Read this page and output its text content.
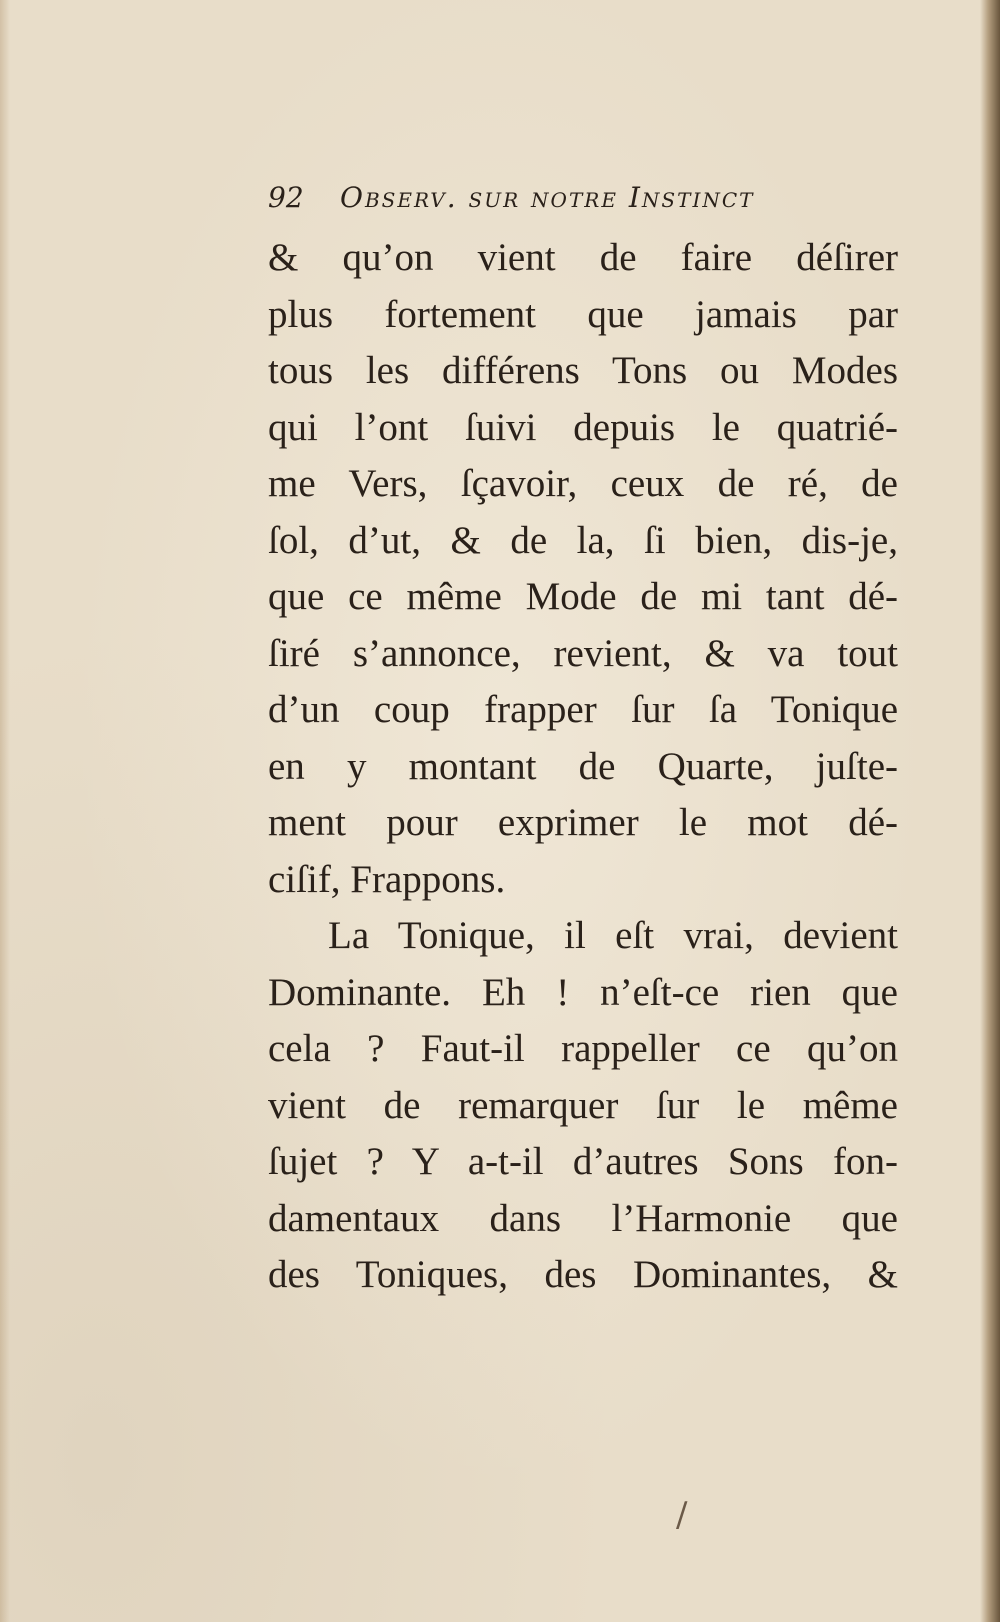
92 Observ. sur notre Instinct
& qu’on vient de faire déſirer
plus fortement que jamais par
tous les différens Tons ou Modes
qui l’ont ſuivi depuis le quatrié-
me Vers, ſçavoir, ceux de ré, de
ſol, d’ut, & de la, ſi bien, dis-je,
que ce même Mode de mi tant dé-
ſiré s’annonce, revient, & va tout
d’un coup frapper ſur ſa Tonique
en y montant de Quarte, juſte-
ment pour exprimer le mot dé-
ciſif, Frappons.
La Tonique, il eſt vrai, devient
Dominante. Eh ! n’eſt-ce rien que
cela ? Faut-il rappeller ce qu’on
vient de remarquer ſur le même
ſujet ? Y a-t-il d’autres Sons fon-
damentaux dans l’Harmonie que
des Toniques, des Dominantes, &
/
